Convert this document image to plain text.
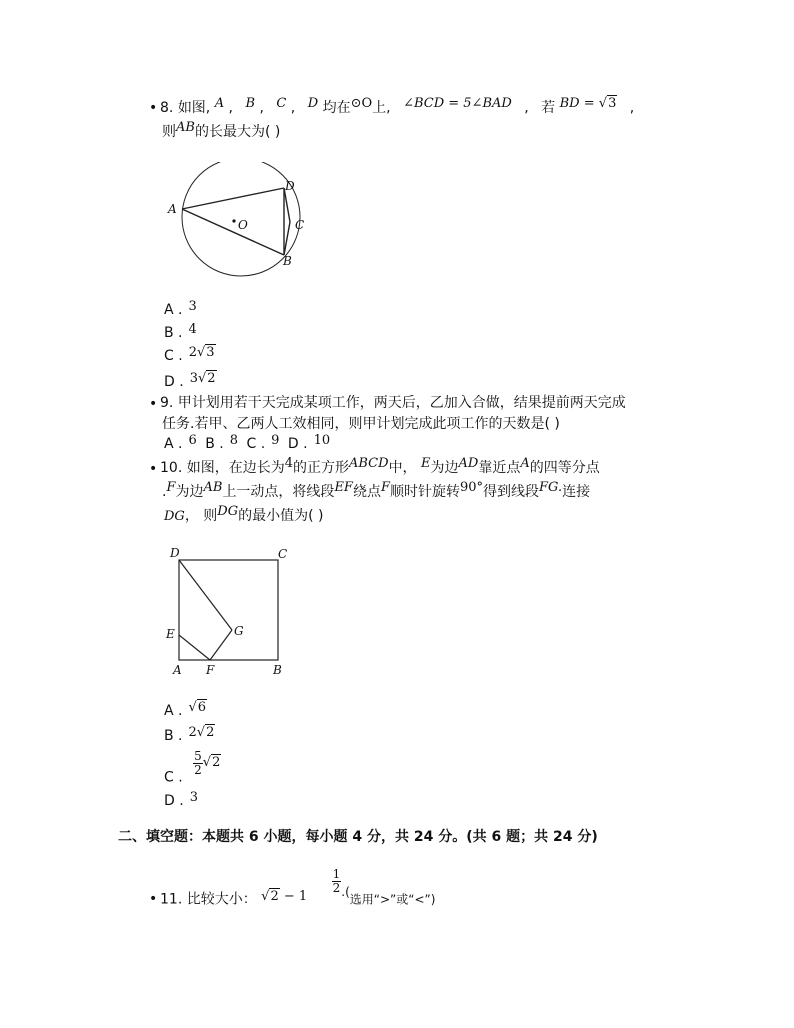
• 8. 如图, A , B , C , D 均在⊙O上, ∠BCD = 5∠BAD , 若 BD = √3 ,
则AB的长最大为( )
A
D
C
B
O
A . 3
B . 4
C . 2√3
D . 3√2
• 9. 甲计划用若干天完成某项工作，两天后，乙加入合做，结果提前两天完成
任务.若甲、乙两人工效相同，则甲计划完成此项工作的天数是( )
A . 6 B . 8 C . 9 D . 10
• 10. 如图，在边长为4的正方形ABCD中， E为边AD靠近点A的四等分点
.F为边AB上一动点，将线段EF绕点F顺时针旋转90°得到线段FG.连接
DG， 则DG的最小值为( )
D	C
E	G
A F	B
A . √6
B . 2√2
C .
$\frac{5}{2} √2$
D . 3
二、填空题：本题共 6 小题，每小题 4 分，共 24 分。(共 6 题；共 24 分)
• 11. 比较大小： √2 − 1
$\frac{1}{2}$ .(选用“>”或“<”)
